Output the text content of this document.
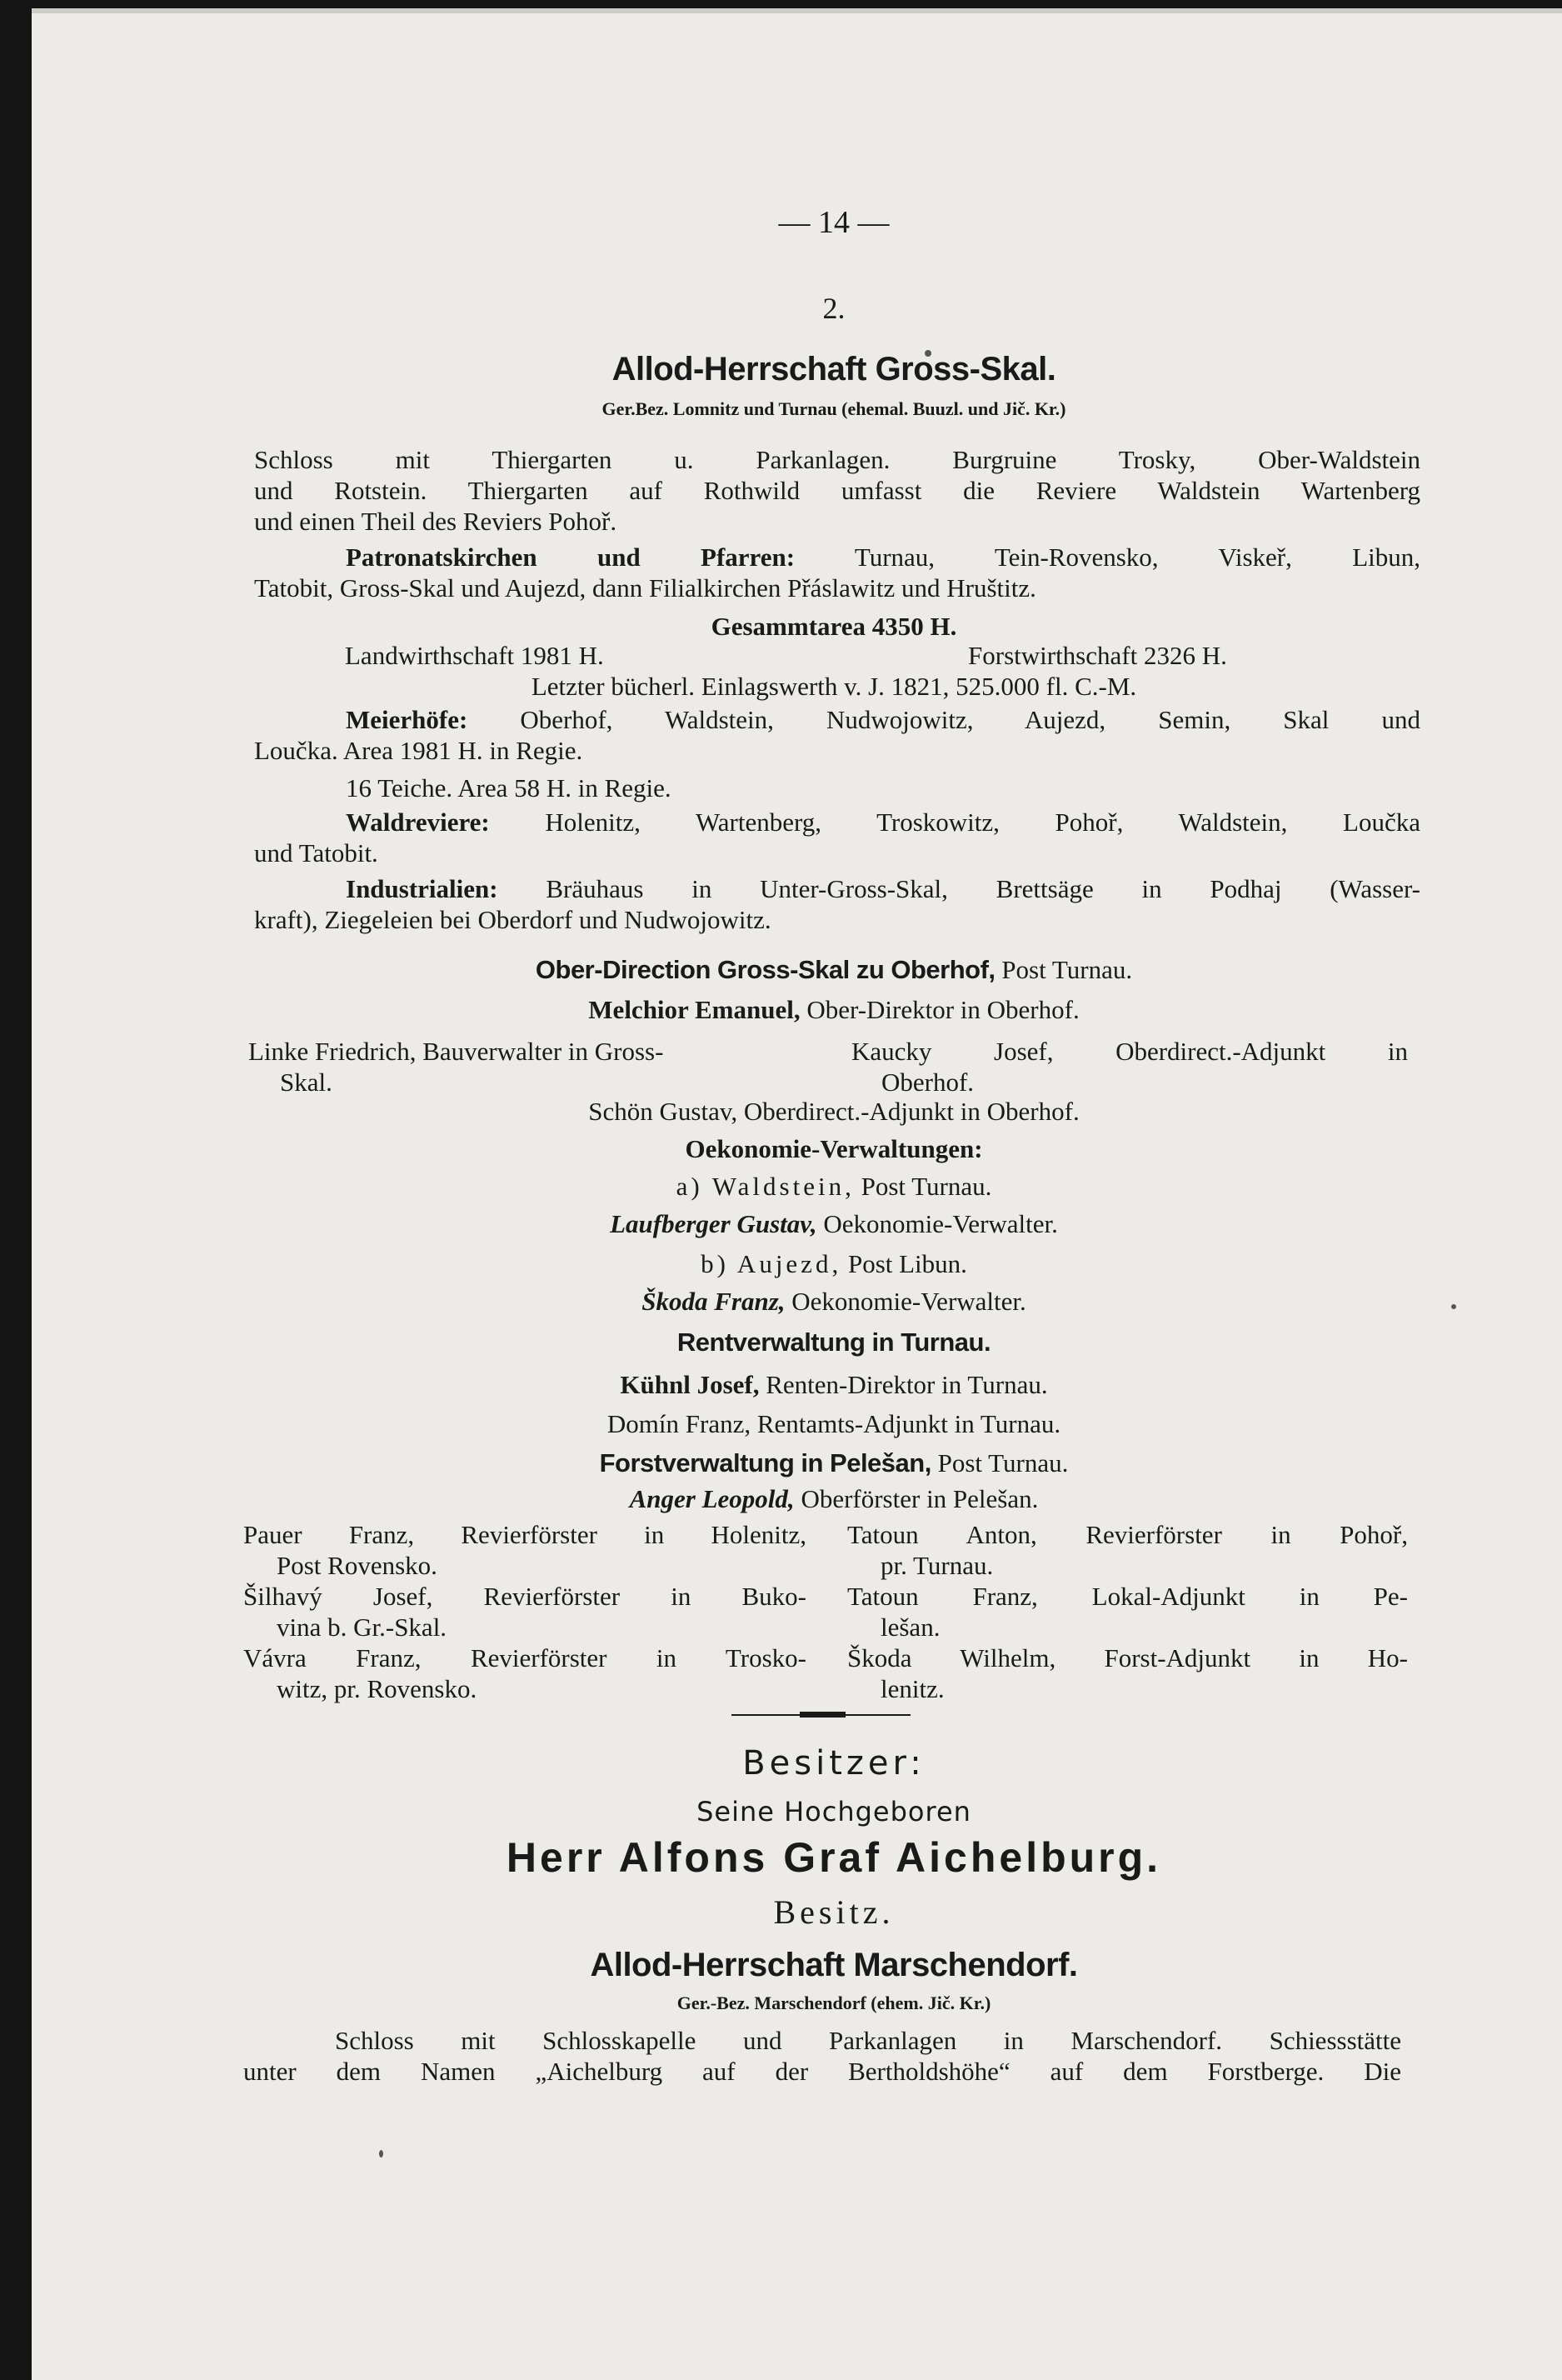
— 14 —
2.
Allod-Herrschaft Gross-Skal.
Ger.Bez. Lomnitz und Turnau (ehemal. Buuzl. und Jič. Kr.)

Schloss mit Thiergarten u. Parkanlagen. Burgruine Trosky, Ober-Waldstein

und Rotstein. Thiergarten auf Rothwild umfasst die Reviere Waldstein Wartenberg

und einen Theil des Reviers Pohoř.

Patronatskirchen und Pfarren: Turnau, Tein-Rovensko, Viskeř, Libun,

Tatobit, Gross-Skal und Aujezd, dann Filialkirchen Přáslawitz und Hruštitz.

Gesammtarea 4350 H.
Landwirthschaft 1981 H.	Forstwirthschaft 2326 H.
Letzter bücherl. Einlagswerth v. J. 1821, 525.000 fl. C.-M.

Meierhöfe: Oberhof, Waldstein, Nudwojowitz, Aujezd, Semin, Skal und

Loučka. Area 1981 H. in Regie.

16 Teiche. Area 58 H. in Regie.

Waldreviere: Holenitz, Wartenberg, Troskowitz, Pohoř, Waldstein, Loučka

und Tatobit.

Industrialien: Bräuhaus in Unter-Gross-Skal, Brettsäge in Podhaj (Wasser-

kraft), Ziegeleien bei Oberdorf und Nudwojowitz.

Ober-Direction Gross-Skal zu Oberhof, Post Turnau.
Melchior Emanuel, Ober-Direktor in Oberhof.

Linke Friedrich, Bauverwalter in Gross-

Skal.

Kaucky Josef, Oberdirect.-Adjunkt in

Oberhof.

Schön Gustav, Oberdirect.-Adjunkt in Oberhof.
Oekonomie-Verwaltungen:
a) Waldstein, Post Turnau.
Laufberger Gustav, Oekonomie-Verwalter.
b) Aujezd, Post Libun.
Škoda Franz, Oekonomie-Verwalter.
Rentverwaltung in Turnau.
Kühnl Josef, Renten-Direktor in Turnau.
Domín Franz, Rentamts-Adjunkt in Turnau.
Forstverwaltung in Pelešan, Post Turnau.
Anger Leopold, Oberförster in Pelešan.

Pauer Franz, Revierförster in Holenitz,

Post Rovensko.

Šilhavý Josef, Revierförster in Buko-

vina b. Gr.-Skal.

Vávra Franz, Revierförster in Trosko-

witz, pr. Rovensko.

Tatoun Anton, Revierförster in Pohoř,

pr. Turnau.

Tatoun Franz, Lokal-Adjunkt in Pe-

lešan.

Škoda Wilhelm, Forst-Adjunkt in Ho-

lenitz.

Besitzer:
Seine Hochgeboren
Herr Alfons Graf Aichelburg.
Besitz.
Allod-Herrschaft Marschendorf.
Ger.-Bez. Marschendorf (ehem. Jič. Kr.)

Schloss mit Schlosskapelle und Parkanlagen in Marschendorf. Schiessstätte

unter dem Namen „Aichelburg auf der Bertholdshöhe“ auf dem Forstberge. Die
